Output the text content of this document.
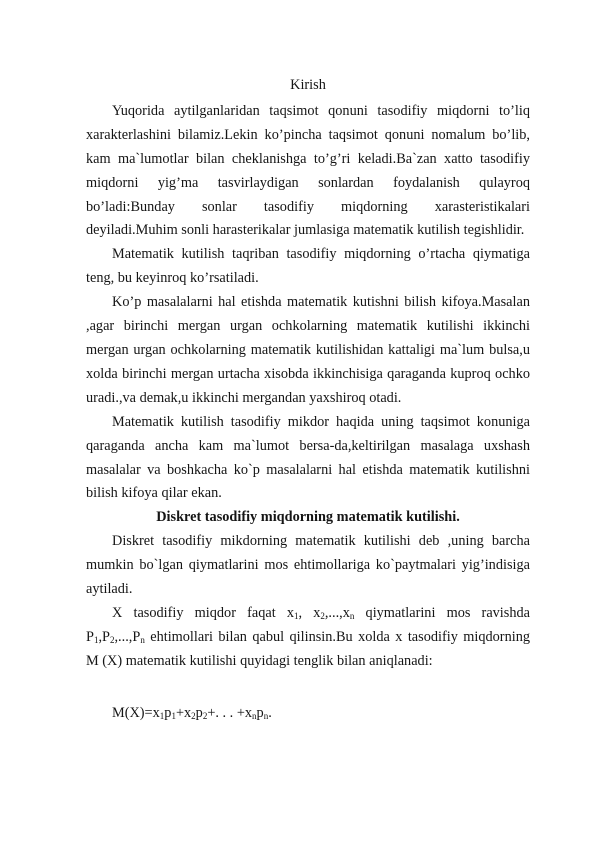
Kirish

Yuqorida aytilganlaridan taqsimot qonuni tasodifiy miqdorni to’liq xarakterlashini bilamiz.Lekin ko’pincha taqsimot qonuni nomalum bo’lib, kam ma`lumotlar bilan cheklanishga to’g’ri keladi.Ba`zan xatto tasodifiy miqdorni yig’ma tasvirlaydigan sonlardan foydalanish qulayroq bo’ladi:Bunday sonlar tasodifiy miqdorning xarasteristikalari deyiladi.Muhim sonli harasterikalar jumlasiga matematik kutilish tegishlidir.

Matematik kutilish taqriban tasodifiy miqdorning o’rtacha qiymatiga teng, bu keyinroq ko’rsatiladi.

Ko’p masalalarni hal etishda matematik kutishni bilish kifoya.Masalan ,agar birinchi mergan urgan ochkolarning matematik kutilishi ikkinchi mergan urgan ochkolarning matematik kutilishidan kattaligi ma`lum bulsa,u xolda birinchi mergan urtacha xisobda ikkinchisiga qaraganda kuproq ochko uradi.,va demak,u ikkinchi mergandan yaxshiroq otadi.

Matematik kutilish tasodifiy mikdor haqida uning taqsimot konuniga qaraganda ancha kam ma`lumot bersa-da,keltirilgan masalaga uxshash masalalar va boshkacha ko`p masalalarni hal etishda matematik kutilishni bilish kifoya qilar ekan.

Diskret tasodifiy miqdorning matematik kutilishi.

Diskret tasodifiy mikdorning matematik kutilishi deb ,uning barcha mumkin bo`lgan qiymatlarini mos ehtimollariga ko`paytmalari yig’indisiga aytiladi.

X tasodifiy miqdor faqat $x_1$, $x_2,...,x_n$ qiymatlarini mos ravishda $P_1,P_2,...,P_n$ ehtimollari bilan qabul qilinsin.Bu xolda x tasodifiy miqdorning M (X) matematik kutilishi quyidagi tenglik bilan aniqlanadi:

$M(X)=x_1p_1+x_2p_2+$. . . $+x_np_n$.
